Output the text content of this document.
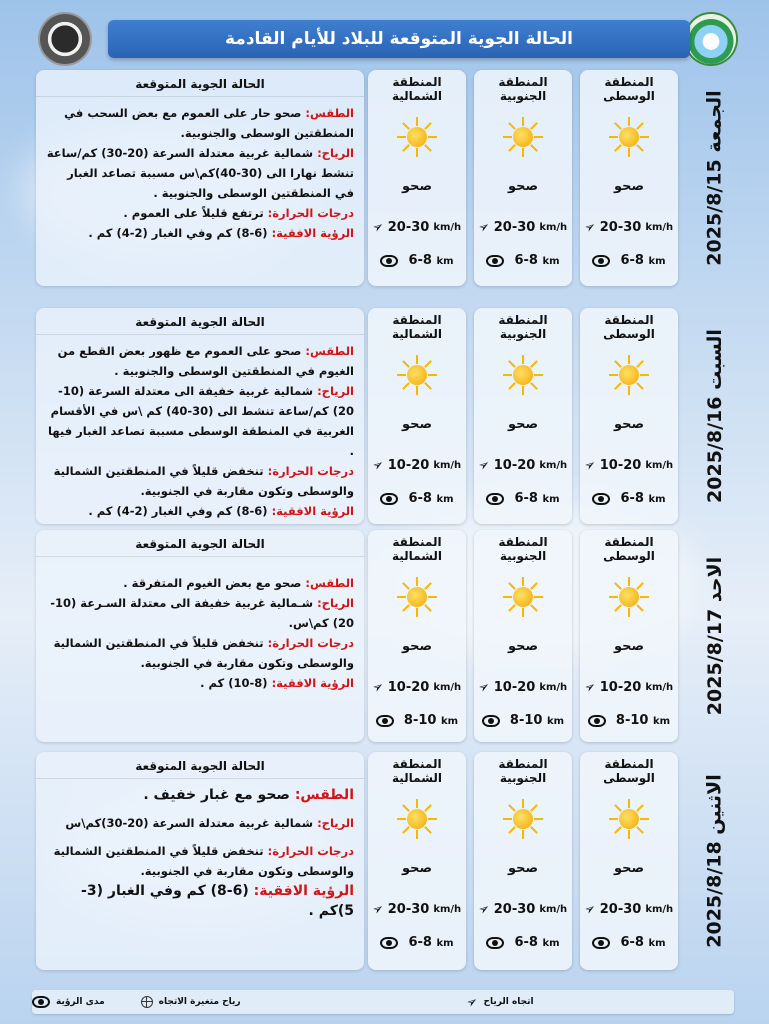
الحالة الجوية المتوقعة للبلاد للأيام القادمة
الجمعة 2025/8/15
الحالة الجوية المتوقعة
الطقس: صحو حار على العموم مع بعض السحب في المنطقتين الوسطى والجنوبية.
الرياح: شمالية غربية معتدلة السرعة (20-30) كم/ساعة تنشط نهارا الى (30-40)كم\س مسببة تصاعد الغبار في المنطقتين الوسطى والجنوبية .
درجات الحرارة: ترتفع قليلاً على العموم .
الرؤية الافقية: (6-8) كم وفي الغبار (2-4) كم .
المنطقة الوسطى
صحو
➢ 20-30 km/h
6-8 km
المنطقة الجنوبية
صحو
➢ 20-30 km/h
6-8 km
المنطقة الشمالية
صحو
➢ 20-30 km/h
6-8 km
السبت 2025/8/16
الحالة الجوية المتوقعة
الطقس: صحو على العموم مع ظهور بعض القطع من الغيوم في المنطقتين الوسطى والجنوبية .
الرياح: شمالية غربية خفيفة الى معتدلة السرعة (10-20) كم/ساعة تنشط الى (30-40) كم \س في الأقسام الغربية في المنطقة الوسطى مسببة تصاعد الغبار فيها .
درجات الحرارة: تنخفض قليلاً في المنطقتين الشمالية والوسطى وتكون مقاربة في الجنوبية.
الرؤية الافقية: (6-8) كم وفي الغبار (2-4) كم .
المنطقة الوسطى
صحو
➢ 10-20 km/h
6-8 km
المنطقة الجنوبية
صحو
➢ 10-20 km/h
6-8 km
المنطقة الشمالية
صحو
➢ 10-20 km/h
6-8 km
الاحد 2025/8/17
الحالة الجوية المتوقعة
الطقس: صحو مع بعض الغيوم المتفرقة .
الرياح: شـمالية غربية خفيفة الى معتدلة السـرعة (10-20) كم\س.
درجات الحرارة: تنخفض قليلاً في المنطقتين الشمالية والوسطى وتكون مقاربة في الجنوبية.
الرؤية الافقية: (8-10) كم .
المنطقة الوسطى
صحو
➢ 10-20 km/h
8-10 km
المنطقة الجنوبية
صحو
➢ 10-20 km/h
8-10 km
المنطقة الشمالية
صحو
➢ 10-20 km/h
8-10 km
الاثنين 2025/8/18
الحالة الجوية المتوقعة
الطقس: صحو مع غبار خفيف .
الرياح: شمالية غربية معتدلة السرعة (20-30)كم\س
درجات الحرارة: تنخفض قليلاً في المنطقتين الشمالية والوسطى وتكون مقاربة في الجنوبية.
الرؤية الافقية: (6-8) كم وفي الغبار (3-5)كم .
المنطقة الوسطى
صحو
➢ 20-30 km/h
6-8 km
المنطقة الجنوبية
صحو
➢ 20-30 km/h
6-8 km
المنطقة الشمالية
صحو
➢ 20-30 km/h
6-8 km
اتجاه الرياح
➢
رياح متغيرة الاتجاه
مدى الرؤية
